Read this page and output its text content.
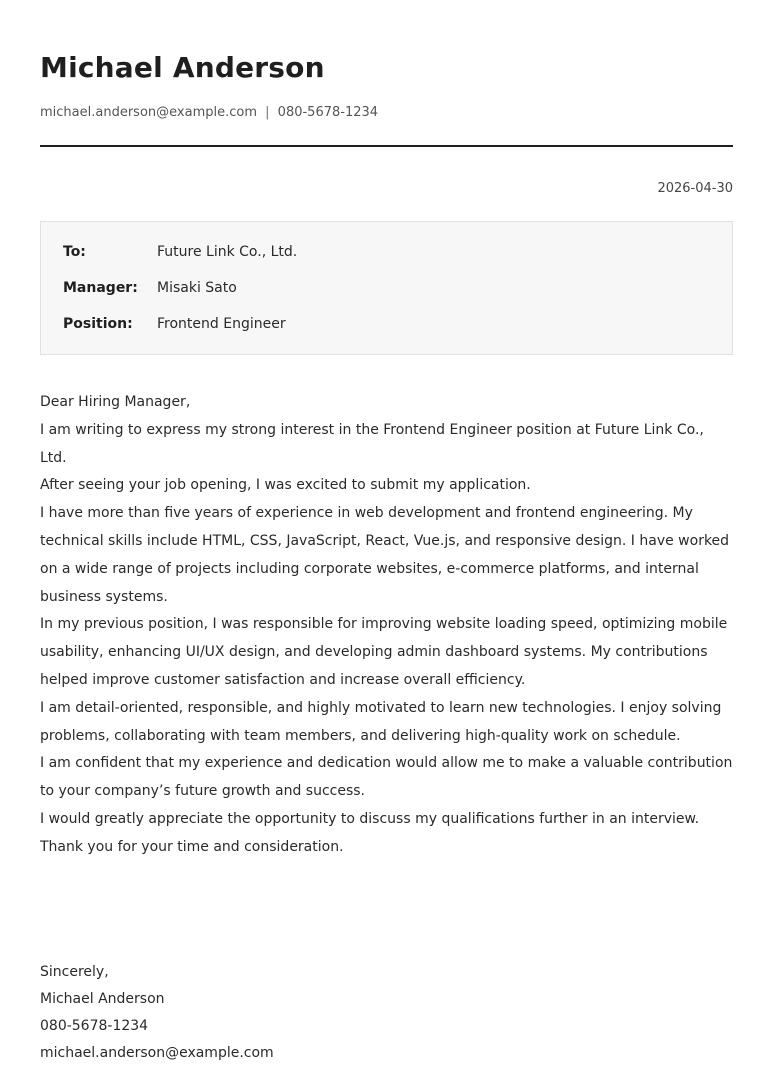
Michael Anderson
michael.anderson@example.com | 080-5678-1234
2026-04-30
To:	Future Link Co., Ltd.
Manager:	Misaki Sato
Position:	Frontend Engineer

Dear Hiring Manager,

I am writing to express my strong interest in the Frontend Engineer position at Future Link Co., Ltd.

After seeing your job opening, I was excited to submit my application.

I have more than five years of experience in web development and frontend engineering. My

technical skills include HTML, CSS, JavaScript, React, Vue.js, and responsive design. I have worked

on a wide range of projects including corporate websites, e-commerce platforms, and internal

business systems.

In my previous position, I was responsible for improving website loading speed, optimizing mobile

usability, enhancing UI/UX design, and developing admin dashboard systems. My contributions

helped improve customer satisfaction and increase overall efficiency.

I am detail-oriented, responsible, and highly motivated to learn new technologies. I enjoy solving

problems, collaborating with team members, and delivering high-quality work on schedule.

I am confident that my experience and dedication would allow me to make a valuable contribution

to your company’s future growth and success.

I would greatly appreciate the opportunity to discuss my qualifications further in an interview.

Thank you for your time and consideration.

Sincerely,
Michael Anderson
080-5678-1234
michael.anderson@example.com
